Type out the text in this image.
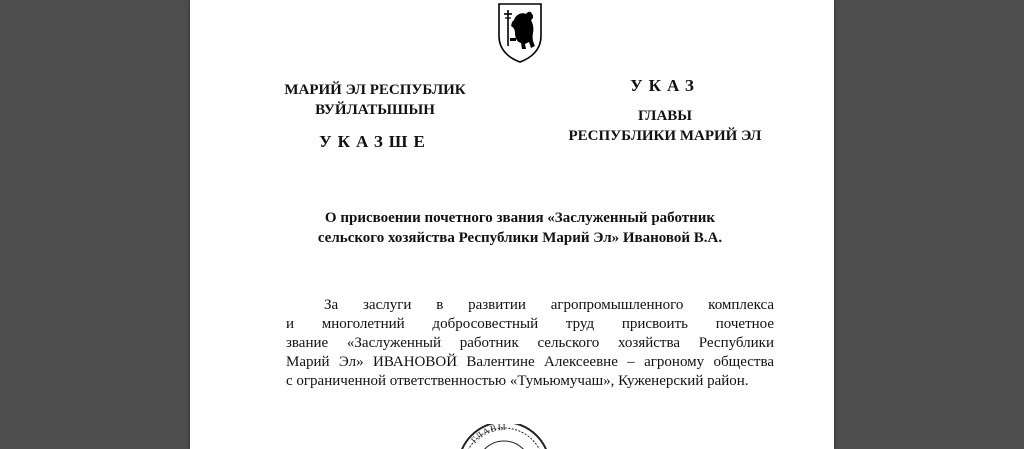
МАРИЙ ЭЛ РЕСПУБЛИК
ВУЙЛАТЫШЫН
УКАЗШЕ
УКАЗ
ГЛАВЫ
РЕСПУБЛИКИ МАРИЙ ЭЛ
О присвоении почетного звания «Заслуженный работник
сельского хозяйства Республики Марий Эл» Ивановой В.А.
За заслуги в развитии агропромышленного комплекса
и многолетний добросовестный труд присвоить почетное
звание «Заслуженный работник сельского хозяйства Республики
Марий Эл» ИВАНОВОЙ Валентине Алексеевне – агроному общества
с ограниченной ответственностью «Тумьюмучаш», Куженерский район.
ГЛАВЫ
